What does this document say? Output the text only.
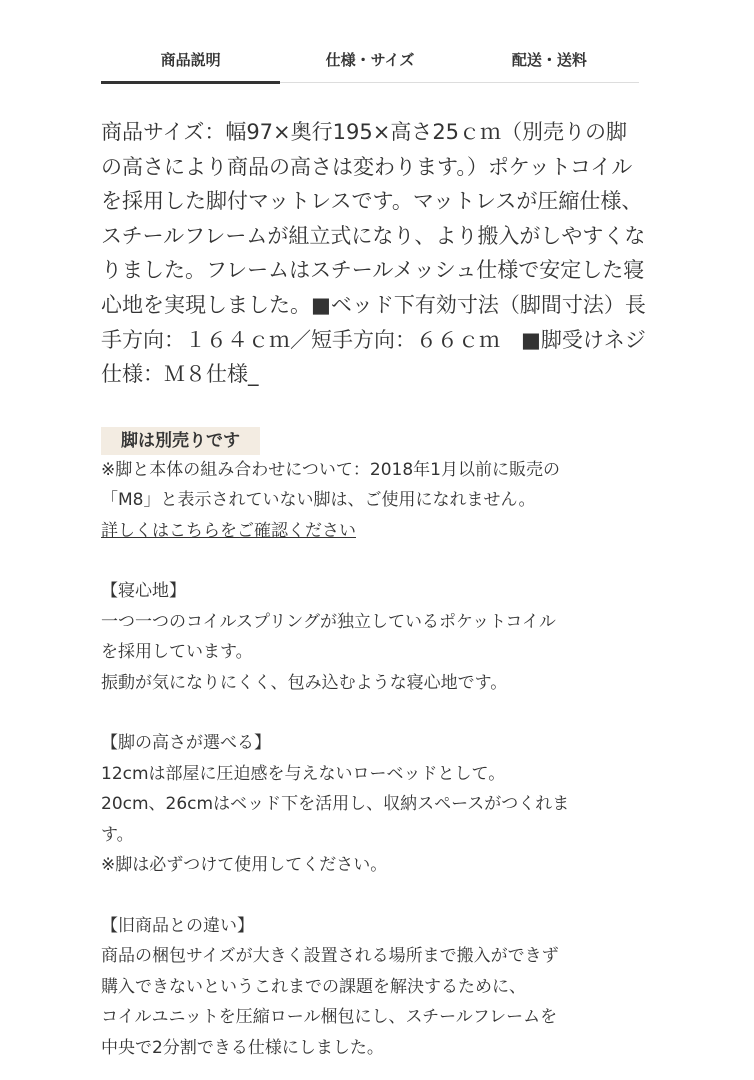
商品説明	仕様・サイズ	配送・送料

商品サイズ：幅97×奥行195×高さ25ｃｍ（別売りの脚の高さにより商品の高さは変わります。）ポケットコイルを採用した脚付マットレスです。マットレスが圧縮仕様、スチールフレームが組立式になり、より搬入がしやすくなりました。フレームはスチールメッシュ仕様で安定した寝心地を実現しました。■ベッド下有効寸法（脚間寸法）長手方向：１６４ｃｍ／短手方向：６６ｃｍ　■脚受けネジ仕様：Ｍ８仕様_

脚は別売りです

※脚と本体の組み合わせについて：2018年1月以前に販売の

「M8」と表示されていない脚は、ご使用になれません。

詳しくはこちらをご確認ください

【寝心地】

一つ一つのコイルスプリングが独立しているポケットコイル

を採用しています。

振動が気になりにくく、包み込むような寝心地です。

【脚の高さが選べる】

12cmは部屋に圧迫感を与えないローベッドとして。

20cm、26cmはベッド下を活用し、収納スペースがつくれま

す。

※脚は必ずつけて使用してください。

【旧商品との違い】

商品の梱包サイズが大きく設置される場所まで搬入ができず

購入できないというこれまでの課題を解決するために、

コイルユニットを圧縮ロール梱包にし、スチールフレームを

中央で2分割できる仕様にしました。
